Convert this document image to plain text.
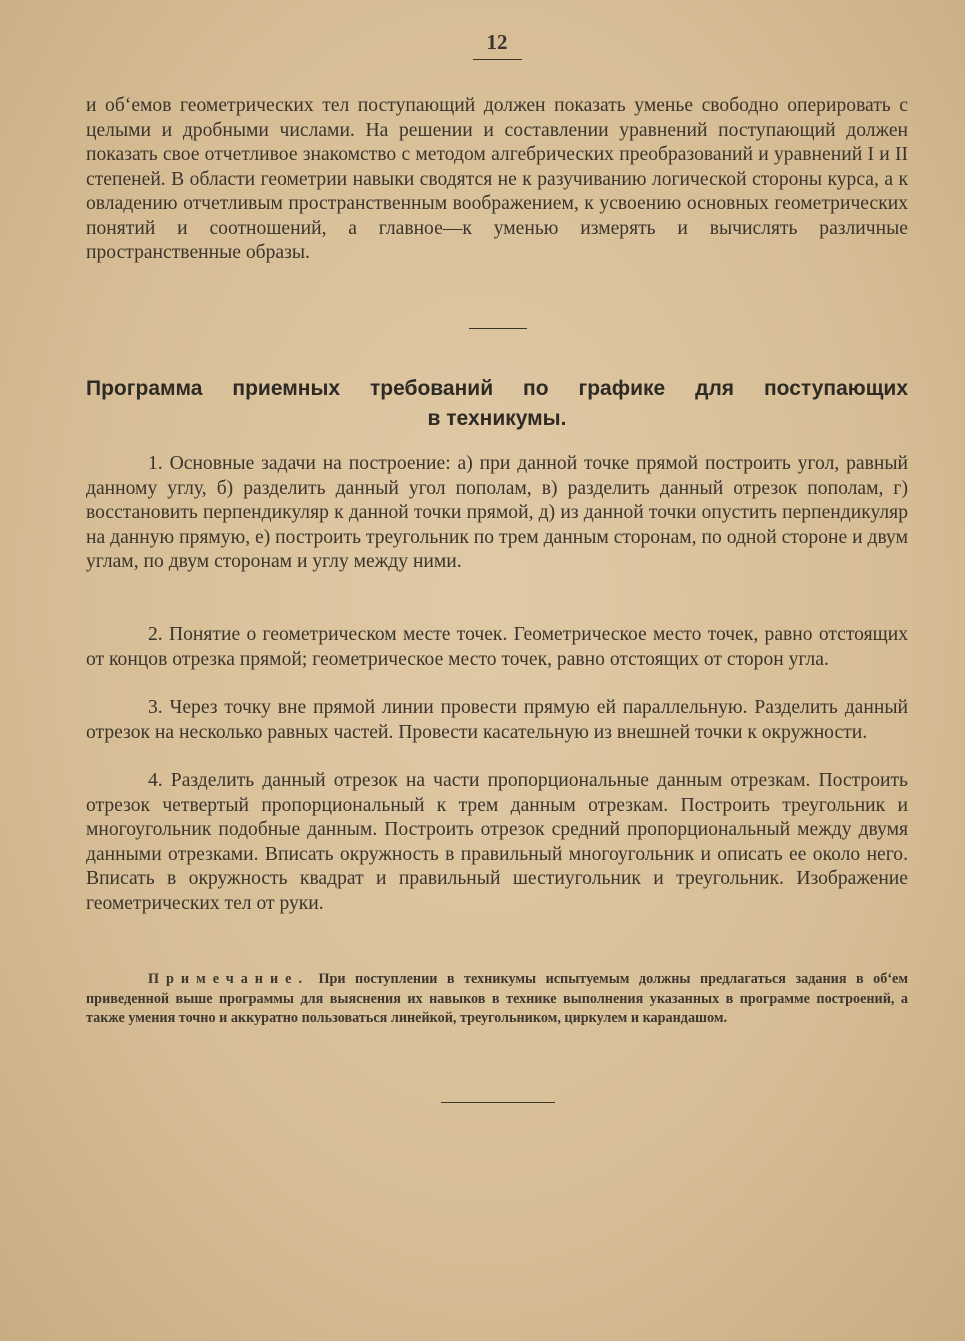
12
и об‘емов геометрических тел поступающий должен показать уменье свободно оперировать с целыми и дробными числами. На решении и составлении уравнений поступающий должен показать свое отчетливое знакомство с методом алгебрических преобразований и уравнений I и II степеней. В области геометрии навыки сводятся не к разучиванию логической стороны курса, а к овладению отчетливым пространственным воображением, к усвоению основных геометрических понятий и соотношений, а главное—к уменью измерять и вычислять различные пространственные образы.
Программа приемных требований по графике для поступающих
в техникумы.
1. Основные задачи на построение: а) при данной точке прямой построить угол, равный данному углу, б) разделить данный угол пополам, в) разделить данный отрезок пополам, г) восстановить перпендикуляр к данной точки прямой, д) из данной точки опустить перпендикуляр на данную прямую, е) построить треугольник по трем данным сторонам, по одной стороне и двум углам, по двум сторонам и углу между ними.
2. Понятие о геометрическом месте точек. Геометрическое место точек, равно отстоящих от концов отрезка прямой; геометрическое место точек, равно отстоящих от сторон угла.
3. Через точку вне прямой линии провести прямую ей параллельную. Разделить данный отрезок на несколько равных частей. Провести касательную из внешней точки к окружности.
4. Разделить данный отрезок на части пропорциональные данным отрезкам. Построить отрезок четвертый пропорциональный к трем данным отрезкам. Построить треугольник и многоугольник подобные данным. Построить отрезок средний пропорциональный между двумя данными отрезками. Вписать окружность в правильный многоугольник и описать ее около него. Вписать в окружность квадрат и правильный шестиугольник и треугольник. Изображение геометрических тел от руки.
Примечание. При поступлении в техникумы испытуемым должны предлагаться задания в об‘ем приведенной выше программы для выяснения их навыков в технике выполнения указанных в программе построений, а также умения точно и аккуратно пользоваться линейкой, треугольником, циркулем и карандашом.
